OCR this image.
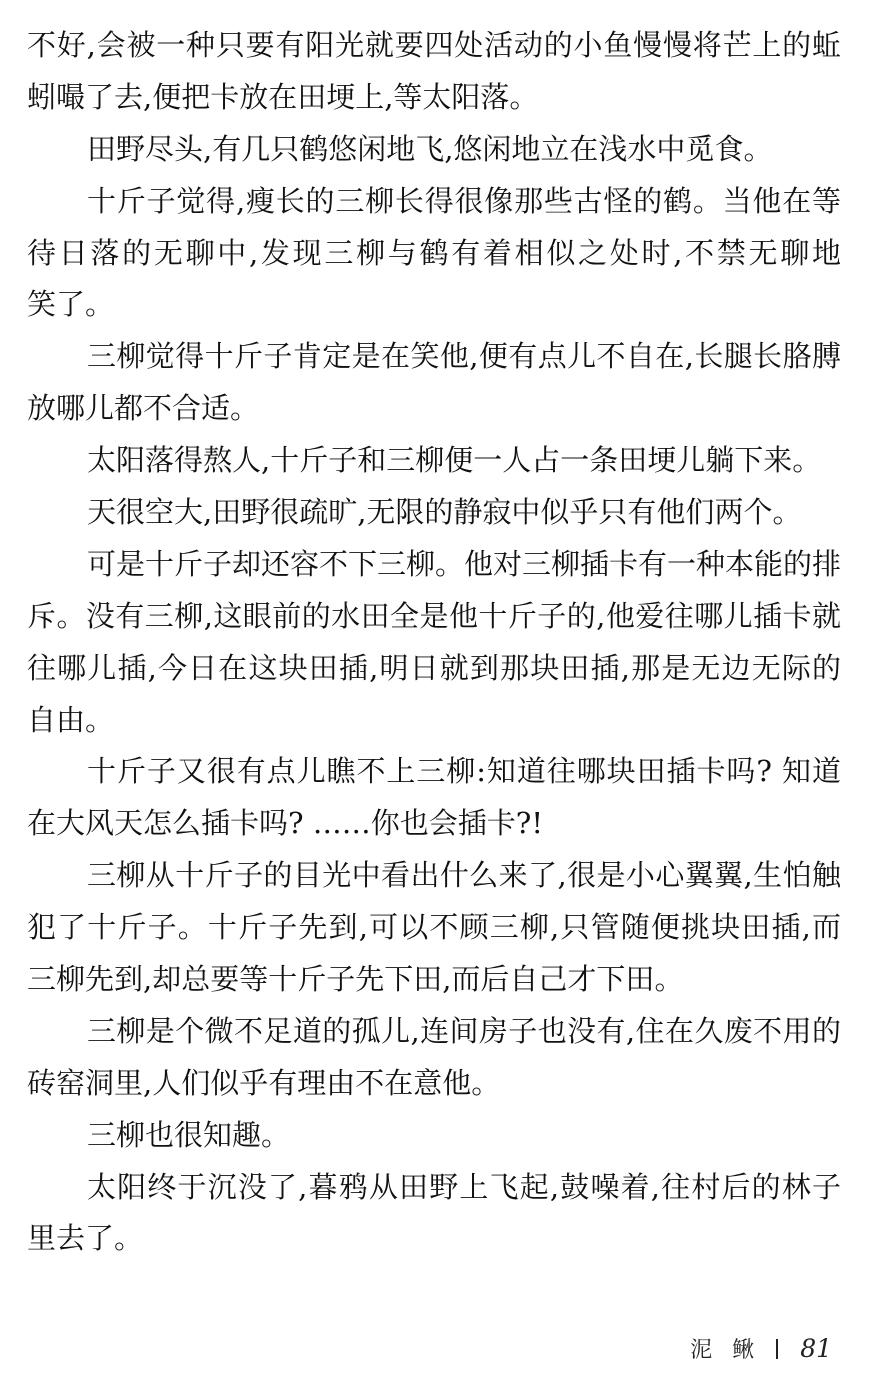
不好,会被一种只要有阳光就要四处活动的小鱼慢慢将芒上的蚯
蚓嘬了去,便把卡放在田埂上,等太阳落。
田野尽头,有几只鹤悠闲地飞,悠闲地立在浅水中觅食。
十斤子觉得,瘦长的三柳长得很像那些古怪的鹤。当他在等
待日落的无聊中,发现三柳与鹤有着相似之处时,不禁无聊地
笑了。
三柳觉得十斤子肯定是在笑他,便有点儿不自在,长腿长胳膊
放哪儿都不合适。
太阳落得熬人,十斤子和三柳便一人占一条田埂儿躺下来。
天很空大,田野很疏旷,无限的静寂中似乎只有他们两个。
可是十斤子却还容不下三柳。他对三柳插卡有一种本能的排
斥。没有三柳,这眼前的水田全是他十斤子的,他爱往哪儿插卡就
往哪儿插,今日在这块田插,明日就到那块田插,那是无边无际的
自由。
十斤子又很有点儿瞧不上三柳:知道往哪块田插卡吗? 知道
在大风天怎么插卡吗? ……你也会插卡?!
三柳从十斤子的目光中看出什么来了,很是小心翼翼,生怕触
犯了十斤子。十斤子先到,可以不顾三柳,只管随便挑块田插,而
三柳先到,却总要等十斤子先下田,而后自己才下田。
三柳是个微不足道的孤儿,连间房子也没有,住在久废不用的
砖窑洞里,人们似乎有理由不在意他。
三柳也很知趣。
太阳终于沉没了,暮鸦从田野上飞起,鼓噪着,往村后的林子
里去了。
泥鳅 81
